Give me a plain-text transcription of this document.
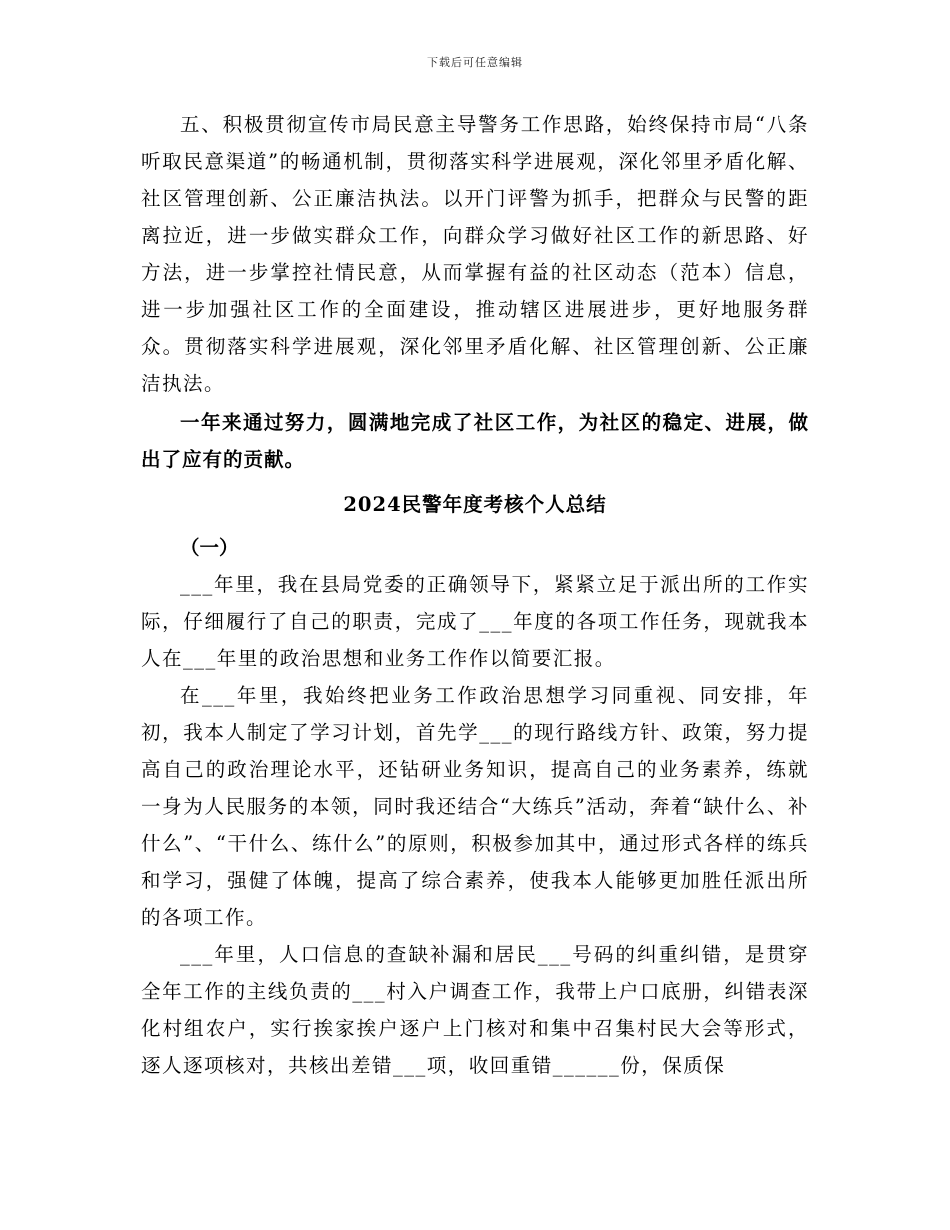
下载后可任意编辑

五、积极贯彻宣传市局民意主导警务工作思路，始终保持市局“八条听取民意渠道”的畅通机制，贯彻落实科学进展观，深化邻里矛盾化解、社区管理创新、公正廉洁执法。以开门评警为抓手，把群众与民警的距离拉近，进一步做实群众工作，向群众学习做好社区工作的新思路、好方法，进一步掌控社情民意，从而掌握有益的社区动态（范本）信息，进一步加强社区工作的全面建设，推动辖区进展进步，更好地服务群众。贯彻落实科学进展观，深化邻里矛盾化解、社区管理创新、公正廉洁执法。

一年来通过努力，圆满地完成了社区工作，为社区的稳定、进展，做出了应有的贡献。

2024民警年度考核个人总结
（一）

___年里，我在县局党委的正确领导下，紧紧立足于派出所的工作实际，仔细履行了自己的职责，完成了___年度的各项工作任务，现就我本人在___年里的政治思想和业务工作作以简要汇报。

在___年里，我始终把业务工作政治思想学习同重视、同安排，年初，我本人制定了学习计划，首先学___的现行路线方针、政策，努力提高自己的政治理论水平，还钻研业务知识，提高自己的业务素养，练就一身为人民服务的本领，同时我还结合“大练兵”活动，奔着“缺什么、补什么”、“干什么、练什么”的原则，积极参加其中，通过形式各样的练兵和学习，强健了体魄，提高了综合素养，使我本人能够更加胜任派出所的各项工作。

___年里，人口信息的查缺补漏和居民___号码的纠重纠错，是贯穿全年工作的主线负责的___村入户调查工作，我带上户口底册，纠错表深化村组农户，实行挨家挨户逐户上门核对和集中召集村民大会等形式，逐人逐项核对，共核出差错___项，收回重错______份，保质保
